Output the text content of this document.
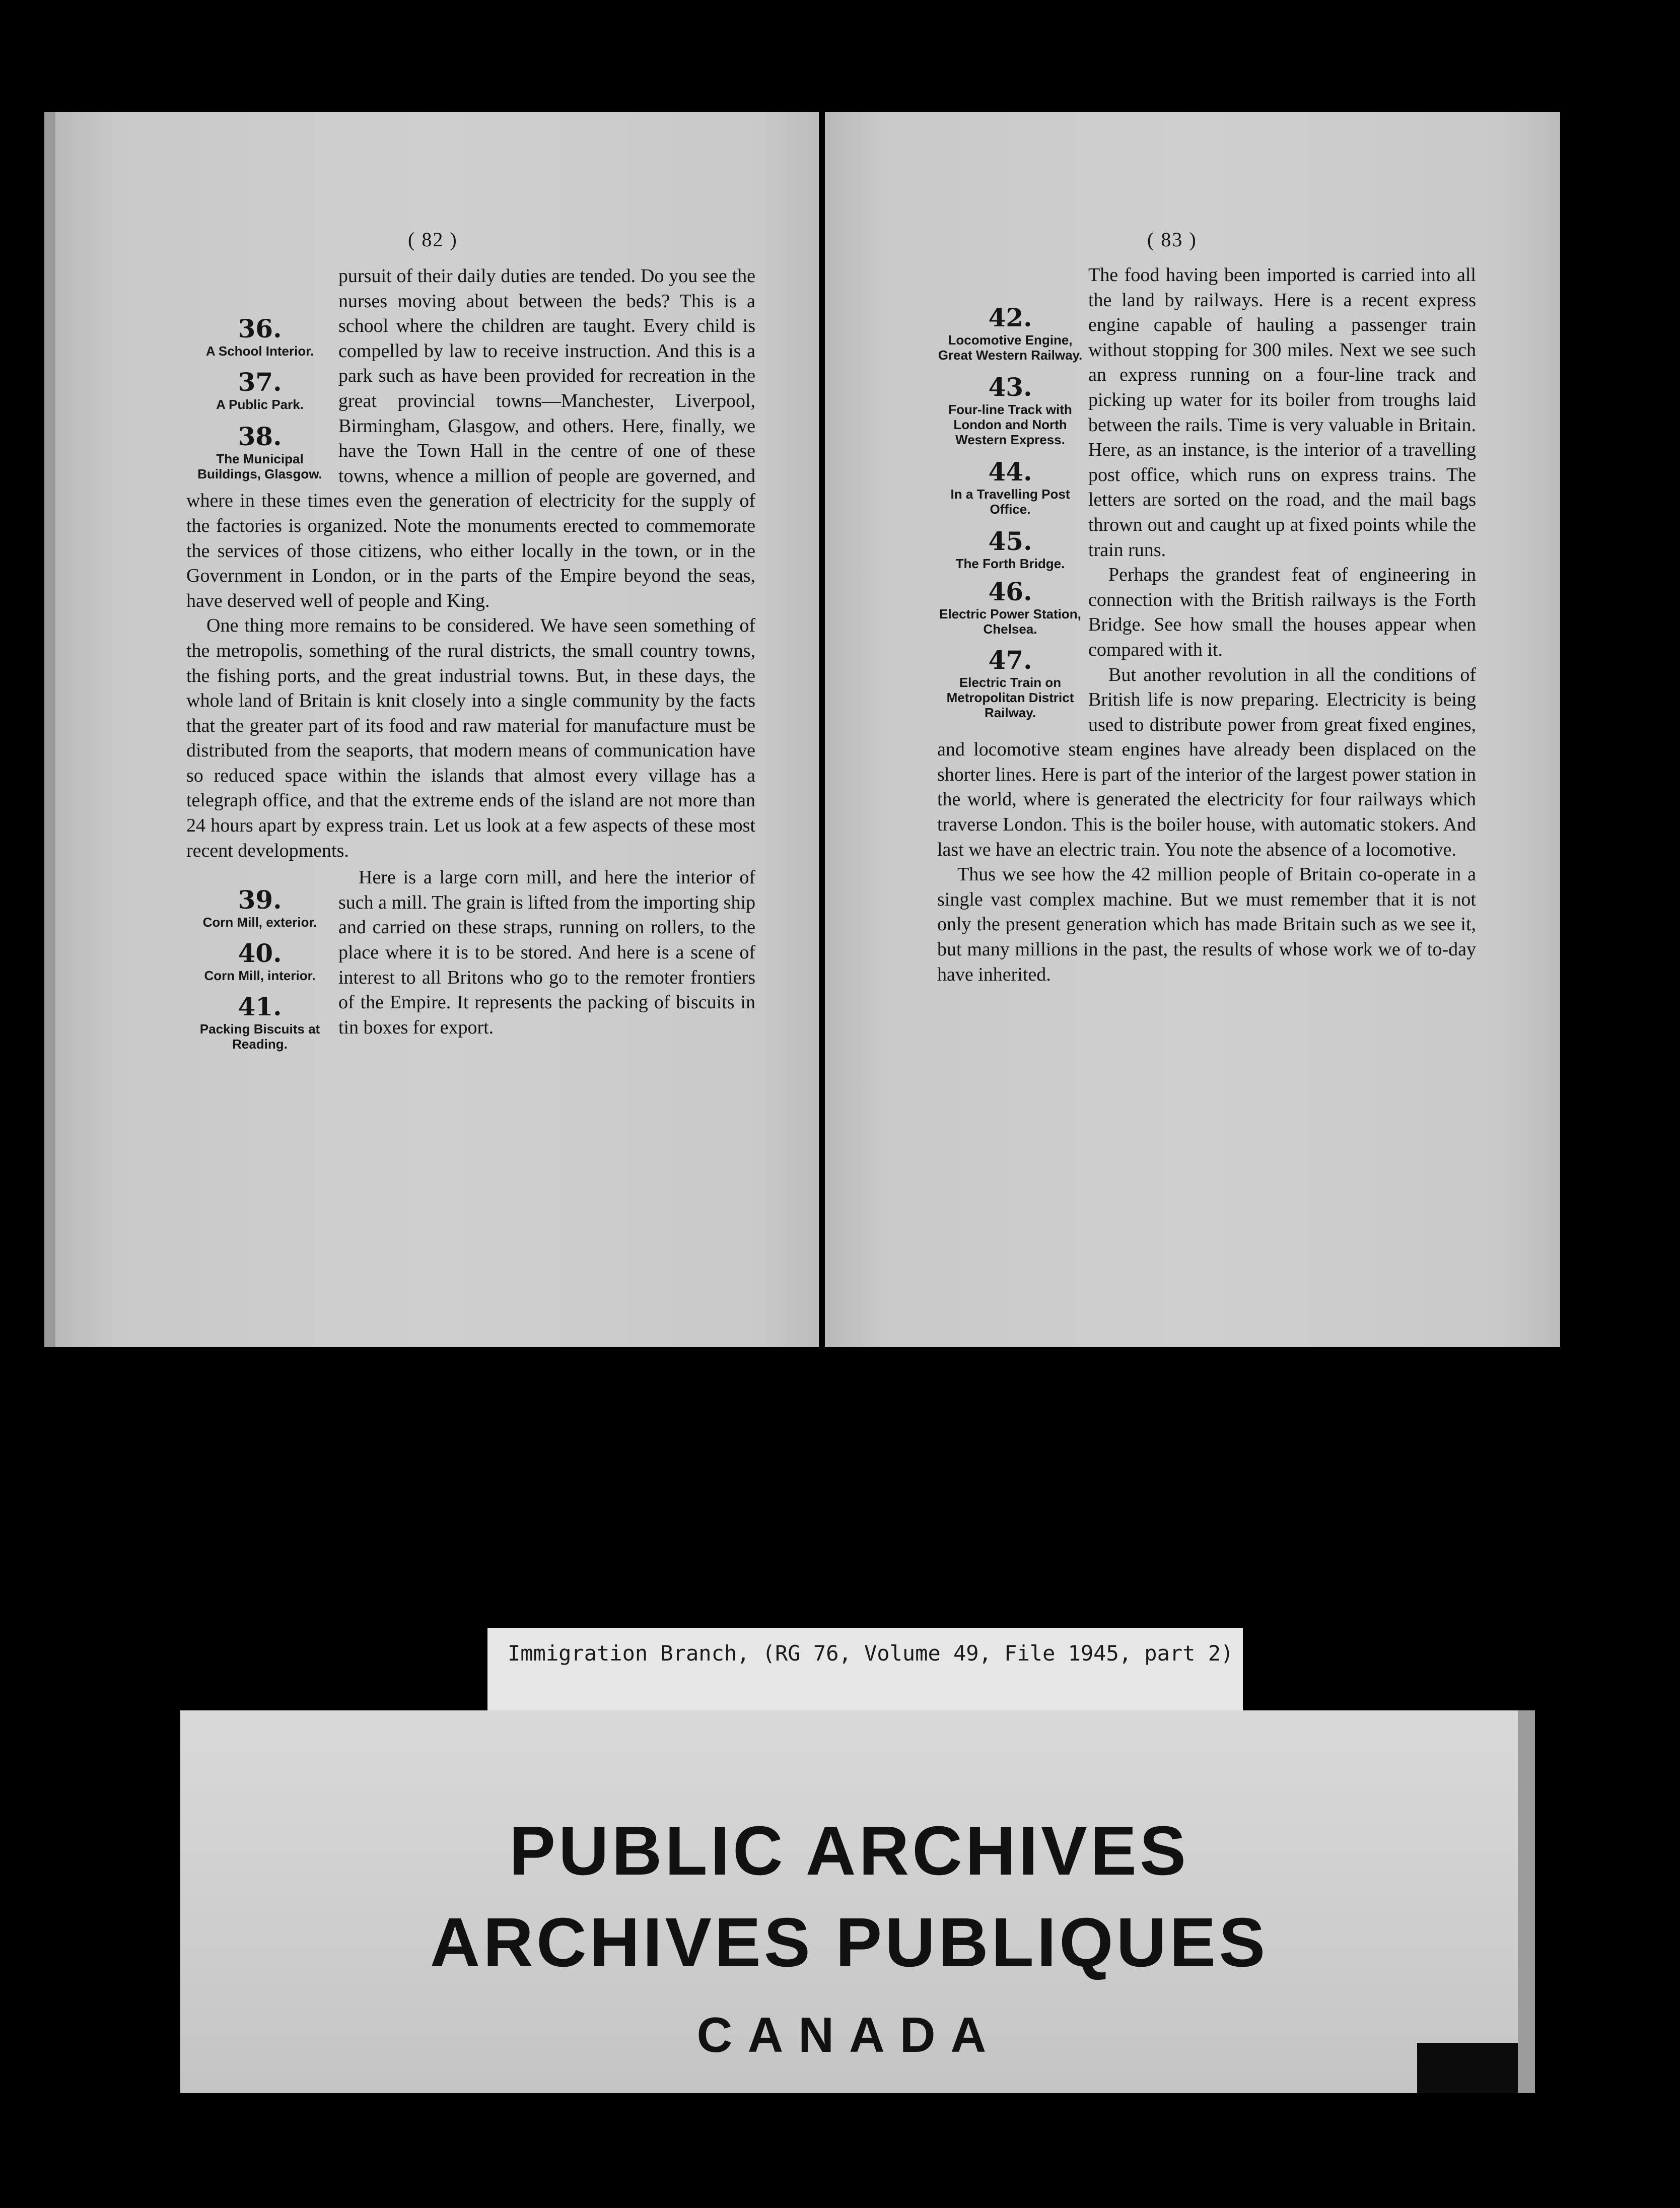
( 82 )

36.
A School Interior.
37.
A Public Park.
38.
The Municipal Buildings, Glasgow.
pursuit of their daily duties are tended. Do you see the nurses moving about between the beds? This is a school where the children are taught. Every child is compelled by law to receive instruction. And this is a park such as have been provided for recreation in the great provincial towns—Manchester, Liverpool, Birmingham, Glasgow, and others. Here, finally, we have the Town Hall in the centre of one of these towns, whence a million of people are governed, and where in these times even the generation of electricity for the supply of the factories is organized. Note the monuments erected to commemorate the services of those citizens, who either locally in the town, or in the Government in London, or in the parts of the Empire beyond the seas, have deserved well of people and King.

One thing more remains to be considered. We have seen something of the metropolis, something of the rural districts, the small country towns, the fishing ports, and the great industrial towns. But, in these days, the whole land of Britain is knit closely into a single community by the facts that the greater part of its food and raw material for manufacture must be distributed from the seaports, that modern means of communication have so reduced space within the islands that almost every village has a telegraph office, and that the extreme ends of the island are not more than 24 hours apart by express train. Let us look at a few aspects of these most recent developments.

39.
Corn Mill, exterior.
40.
Corn Mill, interior.
41.
Packing Biscuits at Reading.
Here is a large corn mill, and here the interior of such a mill. The grain is lifted from the importing ship and carried on these straps, running on rollers, to the place where it is to be stored. And here is a scene of interest to all Britons who go to the remoter frontiers of the Empire. It represents the packing of biscuits in tin boxes for export.

( 83 )

42.
Locomotive Engine, Great Western Railway.
43.
Four-line Track with London and North Western Express.
44.
In a Travelling Post Office.
45.
The Forth Bridge.
46.
Electric Power Station, Chelsea.
47.
Electric Train on Metropolitan District Railway.
The food having been imported is carried into all the land by railways. Here is a recent express engine capable of hauling a passenger train without stopping for 300 miles. Next we see such an express running on a four-line track and picking up water for its boiler from troughs laid between the rails. Time is very valuable in Britain. Here, as an instance, is the interior of a travelling post office, which runs on express trains. The letters are sorted on the road, and the mail bags thrown out and caught up at fixed points while the train runs.
Perhaps the grandest feat of engineering in connection with the British railways is the Forth Bridge. See how small the houses appear when compared with it.
But another revolution in all the conditions of British life is now preparing. Electricity is being used to distribute power from great fixed engines, and locomotive steam engines have already been displaced on the shorter lines. Here is part of the interior of the largest power station in the world, where is generated the electricity for four railways which traverse London. This is the boiler house, with automatic stokers. And last we have an electric train. You note the absence of a locomotive.

Thus we see how the 42 million people of Britain co-operate in a single vast complex machine. But we must remember that it is not only the present generation which has made Britain such as we see it, but many millions in the past, the results of whose work we of to-day have inherited.

Immigration Branch, (RG 76, Volume 49, File 1945, part 2)
PUBLIC ARCHIVES
ARCHIVES PUBLIQUES
CANADA
